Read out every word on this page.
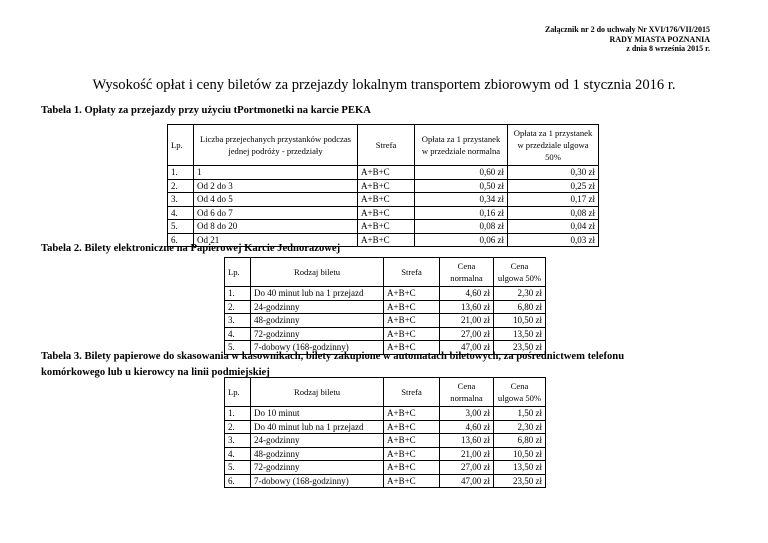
Załącznik nr 2 do uchwały Nr XVI/176/VII/2015
RADY MIASTA POZNANIA
z dnia 8 września 2015 r.
Wysokość opłat i ceny biletów za przejazdy lokalnym transportem zbiorowym od 1 stycznia 2016 r.
Tabela 1. Opłaty za przejazdy przy użyciu tPortmonetki na karcie PEKA
Lp.	Liczba przejechanych przystanków podczas jednej podróży - przedziały	Strefa	Opłata za 1 przystanek w przedziale normalna	Opłata za 1 przystanek w przedziale ulgowa 50%
1.	1	A+B+C	0,60 zł	0,30 zł
2.	Od 2 do 3	A+B+C	0,50 zł	0,25 zł
3.	Od 4 do 5	A+B+C	0,34 zł	0,17 zł
4.	Od 6 do 7	A+B+C	0,16 zł	0,08 zł
5.	Od 8 do 20	A+B+C	0,08 zł	0,04 zł
6.	Od 21	A+B+C	0,06 zł	0,03 zł
Tabela 2. Bilety elektroniczne na Papierowej Karcie Jednorazowej
Lp.	Rodzaj biletu	Strefa	Cena normalna	Cena ulgowa 50%
1.	Do 40 minut lub na 1 przejazd	A+B+C	4,60 zł	2,30 zł
2.	24-godzinny	A+B+C	13,60 zł	6,80 zł
3.	48-godzinny	A+B+C	21,00 zł	10,50 zł
4.	72-godzinny	A+B+C	27,00 zł	13,50 zł
5.	7-dobowy (168-godzinny)	A+B+C	47,00 zł	23,50 zł
Tabela 3. Bilety papierowe do skasowania w kasownikach, bilety zakupione w automatach biletowych, za pośrednictwem telefonu
komórkowego lub u kierowcy na linii podmiejskiej
Lp.	Rodzaj biletu	Strefa	Cena normalna	Cena ulgowa 50%
1.	Do 10 minut	A+B+C	3,00 zł	1,50 zł
2.	Do 40 minut lub na 1 przejazd	A+B+C	4,60 zł	2,30 zł
3.	24-godzinny	A+B+C	13,60 zł	6,80 zł
4.	48-godzinny	A+B+C	21,00 zł	10,50 zł
5.	72-godzinny	A+B+C	27,00 zł	13,50 zł
6.	7-dobowy (168-godzinny)	A+B+C	47,00 zł	23,50 zł
